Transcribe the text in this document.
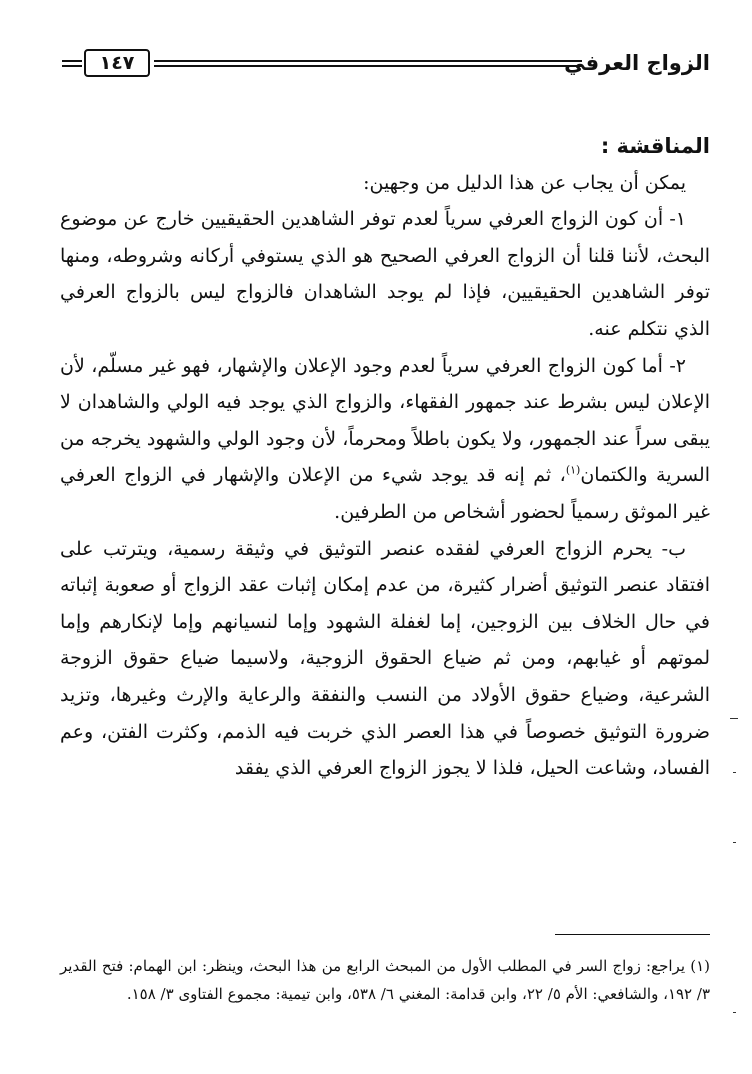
الزواج العرفي
١٤٧

المناقشة :

يمكن أن يجاب عن هذا الدليل من وجهين:

١- أن كون الزواج العرفي سرياً لعدم توفر الشاهدين الحقيقيين خارج عن موضوع البحث، لأننا قلنا أن الزواج العرفي الصحيح هو الذي يستوفي أركانه وشروطه، ومنها توفر الشاهدين الحقيقيين، فإذا لم يوجد الشاهدان فالزواج ليس بالزواج العرفي الذي نتكلم عنه.

٢- أما كون الزواج العرفي سرياً لعدم وجود الإعلان والإشهار، فهو غير مسلّم، لأن الإعلان ليس بشرط عند جمهور الفقهاء، والزواج الذي يوجد فيه الولي والشاهدان لا يبقى سراً عند الجمهور، ولا يكون باطلاً ومحرماً، لأن وجود الولي والشهود يخرجه من السرية والكتمان$^{(١)}$، ثم إنه قد يوجد شيء من الإعلان والإشهار في الزواج العرفي غير الموثق رسمياً لحضور أشخاص من الطرفين.

ب- يحرم الزواج العرفي لفقده عنصر التوثيق في وثيقة رسمية، ويترتب على افتقاد عنصر التوثيق أضرار كثيرة، من عدم إمكان إثبات عقد الزواج أو صعوبة إثباته في حال الخلاف بين الزوجين، إما لغفلة الشهود وإما لنسيانهم وإما لإنكارهم وإما لموتهم أو غيابهم، ومن ثم ضياع الحقوق الزوجية، ولاسيما ضياع حقوق الزوجة الشرعية، وضياع حقوق الأولاد من النسب والنفقة والرعاية والإرث وغيرها، وتزيد ضرورة التوثيق خصوصاً في هذا العصر الذي خربت فيه الذمم، وكثرت الفتن، وعم الفساد، وشاعت الحيل، فلذا لا يجوز الزواج العرفي الذي يفقد

(١) يراجع: زواج السر في المطلب الأول من المبحث الرابع من هذا البحث، وينظر: ابن الهمام: فتح القدير ٣/ ١٩٢، والشافعي: الأم ٥/ ٢٢، وابن قدامة: المغني ٦/ ٥٣٨، وابن تيمية: مجموع الفتاوى ٣/ ١٥٨.
